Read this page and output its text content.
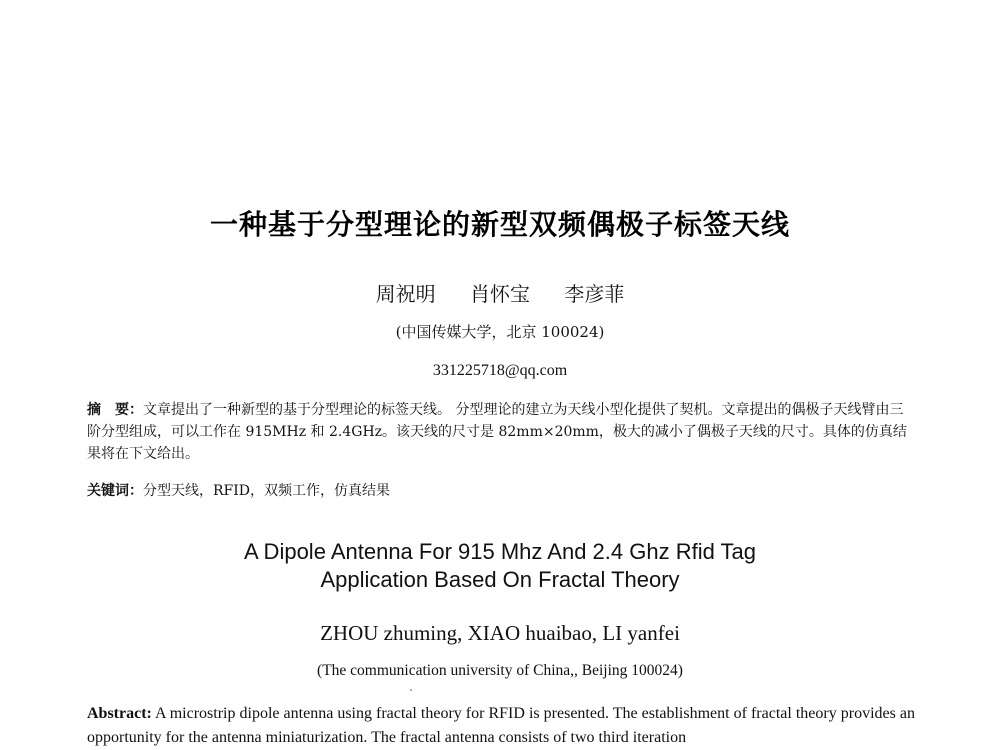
一种基于分型理论的新型双频偶极子标签天线
周祝明 肖怀宝 李彦菲
(中国传媒大学，北京 100024)
331225718@qq.com
摘　要：文章提出了一种新型的基于分型理论的标签天线。 分型理论的建立为天线小型化提供了契机。文章提出的偶极子天线臂由三阶分型组成，可以工作在 915MHz 和 2.4GHz。该天线的尺寸是 82mm×20mm，极大的减小了偶极子天线的尺寸。具体的仿真结果将在下文给出。
关键词：分型天线，RFID，双频工作，仿真结果
A Dipole Antenna For 915 Mhz And 2.4 Ghz Rfid Tag
Application Based On Fractal Theory
ZHOU zhuming, XIAO huaibao, LI yanfei
(The communication university of China,, Beijing 100024)
Abstract: A microstrip dipole antenna using fractal theory for RFID is presented. The establishment of fractal theory provides an opportunity for the antenna miniaturization. The fractal antenna consists of two third iteration
